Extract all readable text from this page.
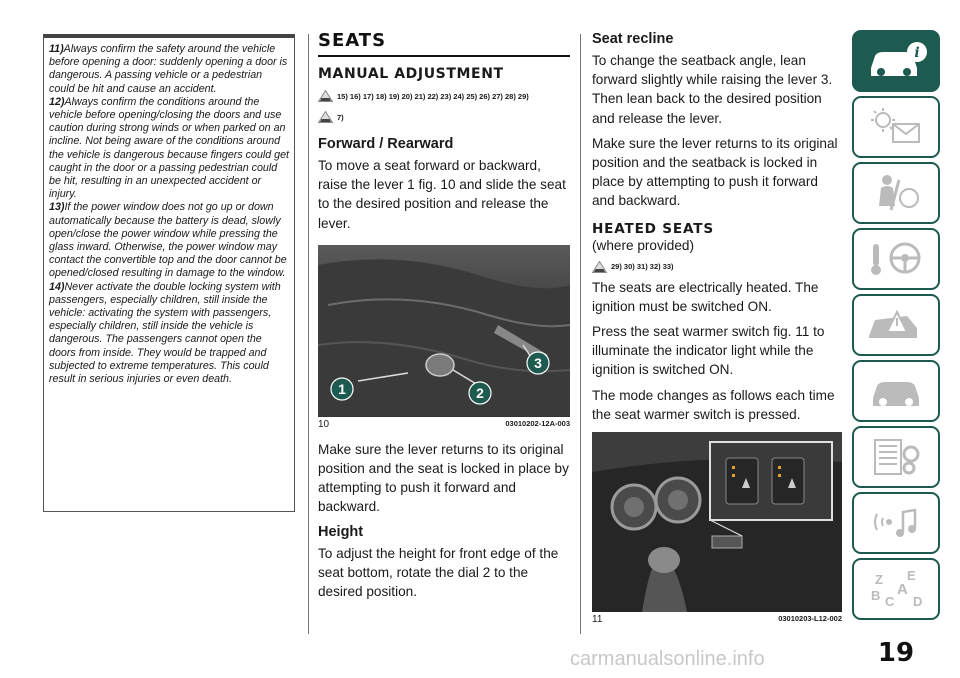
11)Always confirm the safety around the vehicle before opening a door: suddenly opening a door is dangerous. A passing vehicle or a pedestrian could be hit and cause an accident.
12)Always confirm the conditions around the vehicle before opening/closing the doors and use caution during strong winds or when parked on an incline. Not being aware of the conditions around the vehicle is dangerous because fingers could get caught in the door or a passing pedestrian could be hit, resulting in an unexpected accident or injury.
13)If the power window does not go up or down automatically because the battery is dead, slowly open/close the power window while pressing the glass inward. Otherwise, the power window may contact the convertible top and the door cannot be opened/closed resulting in damage to the window.
14)Never activate the double locking system with passengers, especially children, still inside the vehicle: activating the system with passengers, especially children, still inside the vehicle is dangerous. The passengers cannot open the doors from inside. They would be trapped and subjected to extreme temperatures. This could result in serious injuries or even death.
SEATS
MANUAL ADJUSTMENT
15) 16) 17) 18) 19) 20) 21) 22) 23) 24) 25) 26) 27) 28) 29)
7)
Forward / Rearward
To move a seat forward or backward, raise the lever 1 fig. 10 and slide the seat to the desired position and release the lever.
1	2
3
10	03010202-12A-003
Make sure the lever returns to its original position and the seat is locked in place by attempting to push it forward and backward.
Height
To adjust the height for front edge of the seat bottom, rotate the dial 2 to the desired position.
Seat recline
To change the seatback angle, lean forward slightly while raising the lever 3. Then lean back to the desired position and release the lever.
Make sure the lever returns to its original position and the seatback is locked in place by attempting to push it forward and backward.
HEATED SEATS
(where provided)
29) 30) 31) 32) 33)
The seats are electrically heated. The ignition must be switched ON.
Press the seat warmer switch fig. 11 to illuminate the indicator light while the ignition is switched ON.
The mode changes as follows each time the seat warmer switch is pressed.
11	03010203-L12-002
i
Z E
A
B C D
19
carmanualsonline.info
